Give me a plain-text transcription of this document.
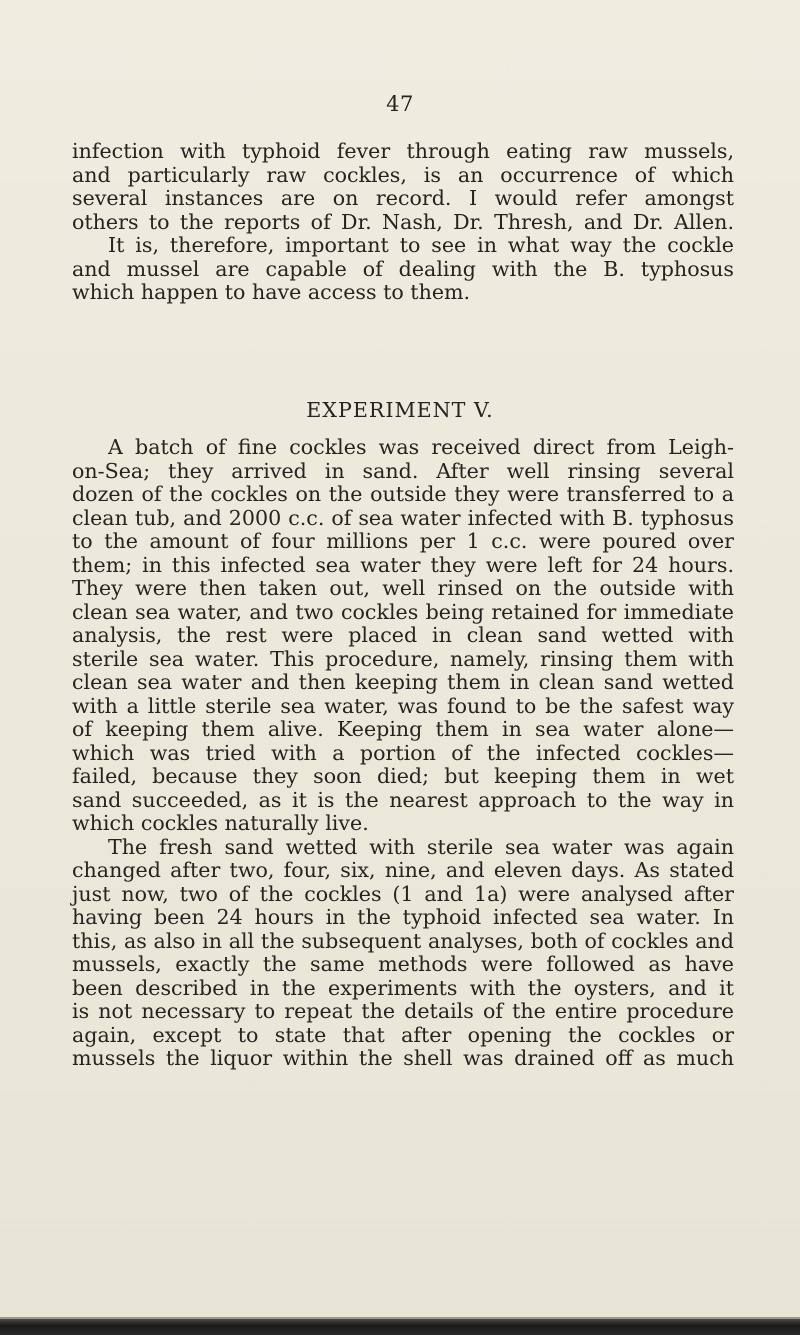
47

infection with typhoid fever through eating raw mussels,

and particularly raw cockles, is an occurrence of which

several instances are on record. I would refer amongst

others to the reports of Dr. Nash, Dr. Thresh, and Dr. Allen.

It is, therefore, important to see in what way the cockle

and mussel are capable of dealing with the B. typhosus

which happen to have access to them.

EXPERIMENT V.

A batch of fine cockles was received direct from Leigh-

on-Sea; they arrived in sand. After well rinsing several

dozen of the cockles on the outside they were transferred to a

clean tub, and 2000 c.c. of sea water infected with B. typhosus

to the amount of four millions per 1 c.c. were poured over

them; in this infected sea water they were left for 24 hours.

They were then taken out, well rinsed on the outside with

clean sea water, and two cockles being retained for immediate

analysis, the rest were placed in clean sand wetted with

sterile sea water. This procedure, namely, rinsing them with

clean sea water and then keeping them in clean sand wetted

with a little sterile sea water, was found to be the safest way

of keeping them alive. Keeping them in sea water alone—

which was tried with a portion of the infected cockles—

failed, because they soon died; but keeping them in wet

sand succeeded, as it is the nearest approach to the way in

which cockles naturally live.

The fresh sand wetted with sterile sea water was again

changed after two, four, six, nine, and eleven days. As stated

just now, two of the cockles (1 and 1a) were analysed after

having been 24 hours in the typhoid infected sea water. In

this, as also in all the subsequent analyses, both of cockles and

mussels, exactly the same methods were followed as have

been described in the experiments with the oysters, and it

is not necessary to repeat the details of the entire procedure

again, except to state that after opening the cockles or

mussels the liquor within the shell was drained off as much
